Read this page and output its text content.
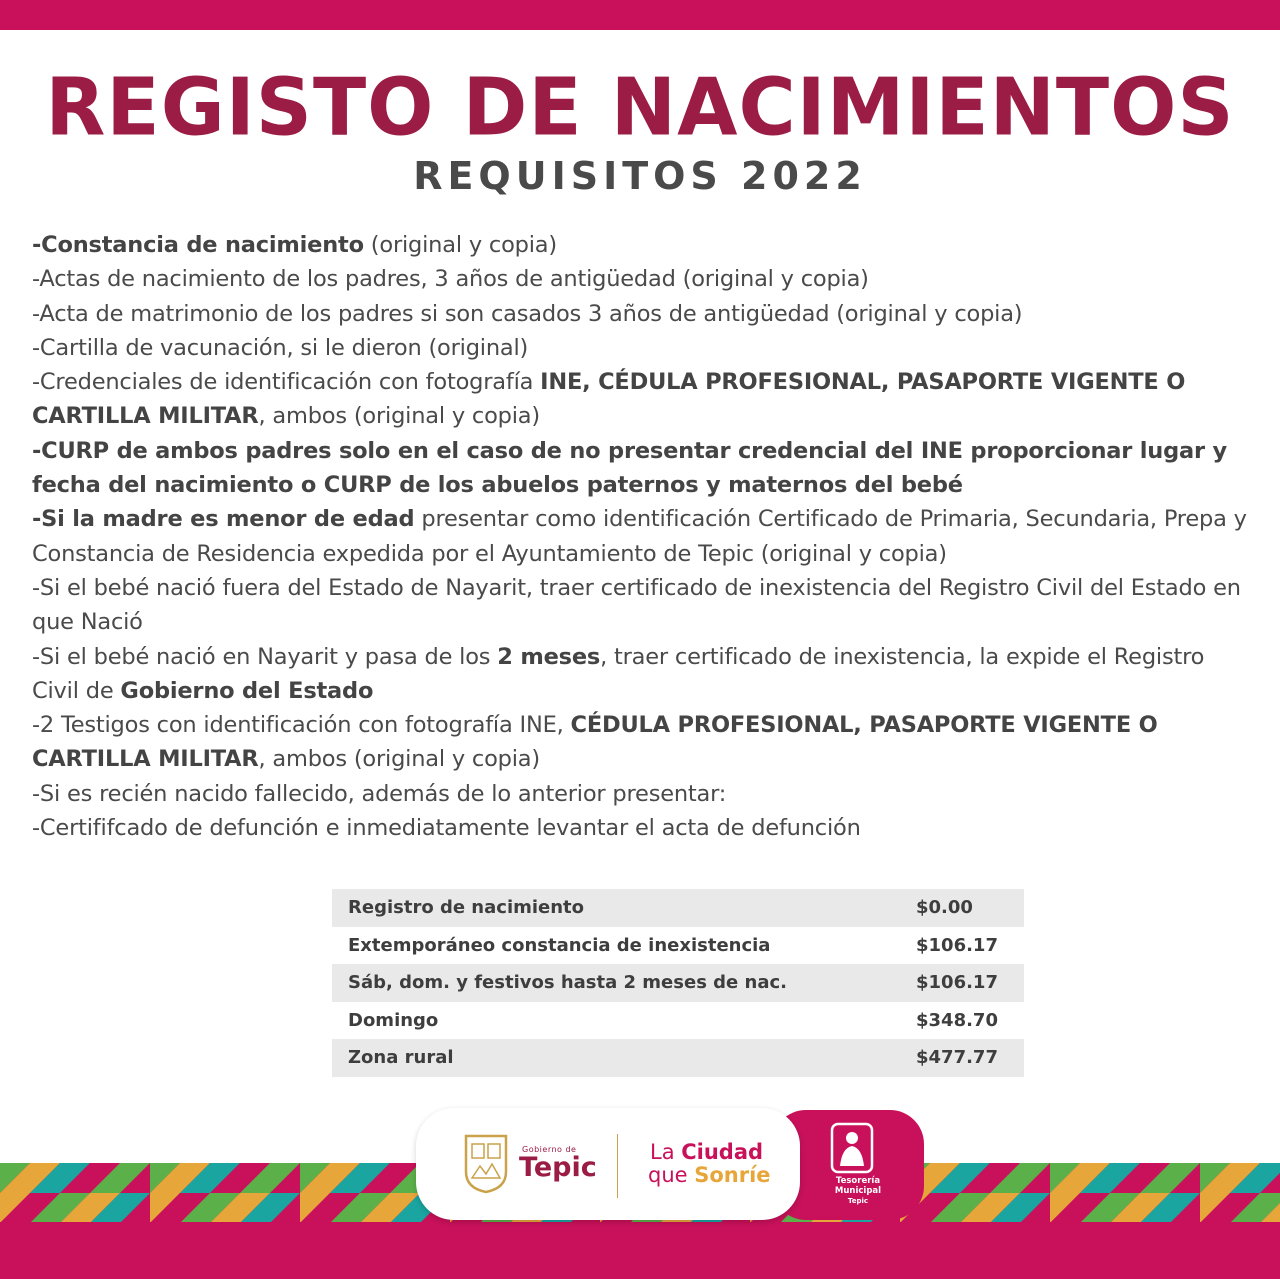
REGISTO DE NACIMIENTOS
REQUISITOS 2022

-Constancia de nacimiento (original y copia)

-Actas de nacimiento de los padres, 3 años de antigüedad (original y copia)

-Acta de matrimonio de los padres si son casados 3 años de antigüedad (original y copia)

-Cartilla de vacunación, si le dieron (original)

-Credenciales de identificación con fotografía INE, CÉDULA PROFESIONAL, PASAPORTE VIGENTE O CARTILLA MILITAR, ambos (original y copia)

-CURP de ambos padres solo en el caso de no presentar credencial del INE proporcionar lugar y fecha del nacimiento o CURP de los abuelos paternos y maternos del bebé

-Si la madre es menor de edad presentar como identificación Certificado de Primaria, Secundaria, Prepa y Constancia de Residencia expedida por el Ayuntamiento de Tepic (original y copia)

-Si el bebé nació fuera del Estado de Nayarit, traer certificado de inexistencia del Registro Civil del Estado en que Nació

-Si el bebé nació en Nayarit y pasa de los 2 meses, traer certificado de inexistencia, la expide el Registro Civil de Gobierno del Estado

-2 Testigos con identificación con fotografía INE, CÉDULA PROFESIONAL, PASAPORTE VIGENTE O CARTILLA MILITAR, ambos (original y copia)

-Si es recién nacido fallecido, además de lo anterior presentar:

-Certififcado de defunción e inmediatamente levantar el acta de defunción

Registro de nacimiento	$0.00
Extemporáneo constancia de inexistencia	$106.17
Sáb, dom. y festivos hasta 2 meses de nac.	$106.17
Domingo	$348.70
Zona rural	$477.77
Gobierno de
Tepic	La Ciudad
que Sonríe	Tesorería
Municipal
Tepic
